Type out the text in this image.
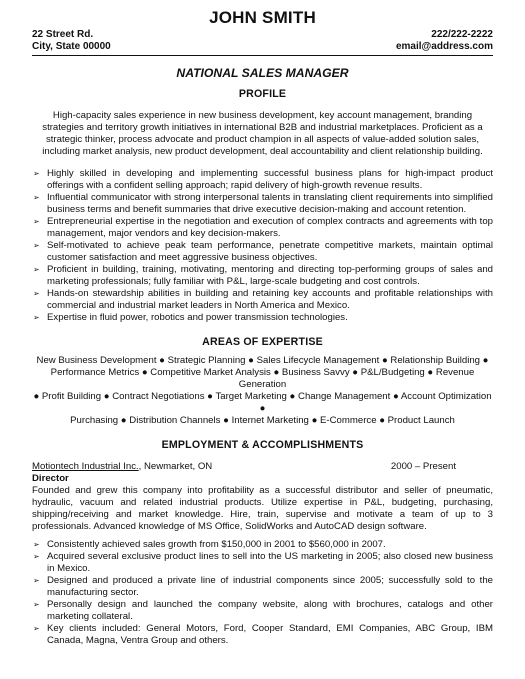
JOHN SMITH
22 Street Rd.	222/222-2222
City, State 00000	email@address.com
NATIONAL SALES MANAGER
PROFILE

High-capacity sales experience in new business development, key account management, branding strategies and territory growth initiatives in international B2B and industrial marketplaces. Proficient as a strategic thinker, process advocate and product champion in all aspects of value-added solution sales, including market analysis, new product development, deal accountability and client relationship building.

➢ Highly skilled in developing and implementing successful business plans for high-impact product offerings with a confident selling approach; rapid delivery of high-growth revenue results.
➢ Influential communicator with strong interpersonal talents in translating client requirements into simplified business terms and benefit summaries that drive executive decision-making and account retention.
➢ Entrepreneurial expertise in the negotiation and execution of complex contracts and agreements with top management, major vendors and key decision-makers.
➢ Self-motivated to achieve peak team performance, penetrate competitive markets, maintain optimal customer satisfaction and meet aggressive business objectives.
➢ Proficient in building, training, motivating, mentoring and directing top-performing groups of sales and marketing professionals; fully familiar with P&L, large-scale budgeting and cost controls.
➢ Hands-on stewardship abilities in building and retaining key accounts and profitable relationships with commercial and industrial market leaders in North America and Mexico.
➢ Expertise in fluid power, robotics and power transmission technologies.
AREAS OF EXPERTISE
New Business Development ● Strategic Planning ● Sales Lifecycle Management ● Relationship Building ●
Performance Metrics ● Competitive Market Analysis ● Business Savvy ● P&L/Budgeting ● Revenue Generation
● Profit Building ● Contract Negotiations ● Target Marketing ● Change Management ● Account Optimization ●
Purchasing ● Distribution Channels ● Internet Marketing ● E-Commerce ● Product Launch
EMPLOYMENT & ACCOMPLISHMENTS
Motiontech Industrial Inc., Newmarket, ON	2000 – Present
Director

Founded and grew this company into profitability as a successful distributor and seller of pneumatic, hydraulic, vacuum and related industrial products. Utilize expertise in P&L, budgeting, purchasing, shipping/receiving and market knowledge. Hire, train, supervise and motivate a team of up to 3 professionals. Advanced knowledge of MS Office, SolidWorks and AutoCAD design software.

➢ Consistently achieved sales growth from $150,000 in 2001 to $560,000 in 2007.
➢ Acquired several exclusive product lines to sell into the US marketing in 2005; also closed new business in Mexico.
➢ Designed and produced a private line of industrial components since 2005; successfully sold to the manufacturing sector.
➢ Personally design and launched the company website, along with brochures, catalogs and other marketing collateral.
➢ Key clients included: General Motors, Ford, Cooper Standard, EMI Companies, ABC Group, IBM Canada, Magna, Ventra Group and others.
